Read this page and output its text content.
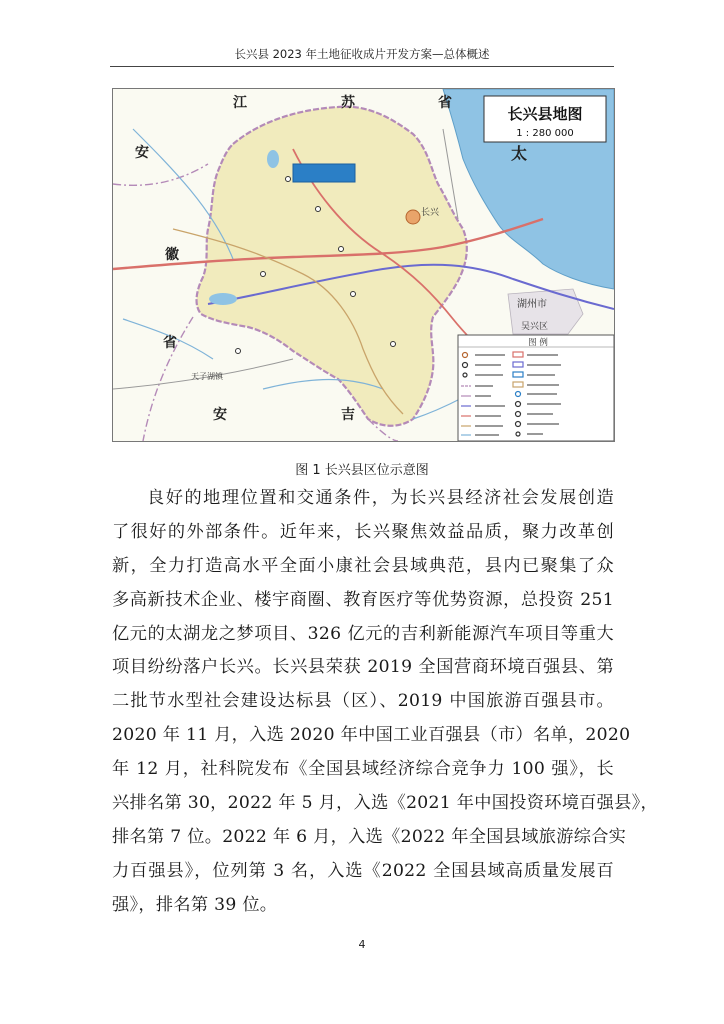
长兴县 2023 年土地征收成片开发方案—总体概述
江	苏	省
安
徽
省
安	吉
太
湖州市
吴兴区
长兴
天子湖镇
长兴县地图
1 : 280 000
图 例
图 1 长兴县区位示意图
良好的地理位置和交通条件，为长兴县经济社会发展创造
了很好的外部条件。近年来，长兴聚焦效益品质，聚力改革创
新，全力打造高水平全面小康社会县域典范，县内已聚集了众
多高新技术企业、楼宇商圈、教育医疗等优势资源，总投资 251
亿元的太湖龙之梦项目、326 亿元的吉利新能源汽车项目等重大
项目纷纷落户长兴。长兴县荣获 2019 全国营商环境百强县、第
二批节水型社会建设达标县（区）、2019 中国旅游百强县市。
2020 年 11 月，入选 2020 年中国工业百强县（市）名单，2020
年 12 月，社科院发布《全国县域经济综合竞争力 100 强》，长
兴排名第 30，2022 年 5 月，入选《2021 年中国投资环境百强县》，
排名第 7 位。2022 年 6 月，入选《2022 年全国县域旅游综合实
力百强县》，位列第 3 名，入选《2022 全国县域高质量发展百
强》，排名第 39 位。
4
